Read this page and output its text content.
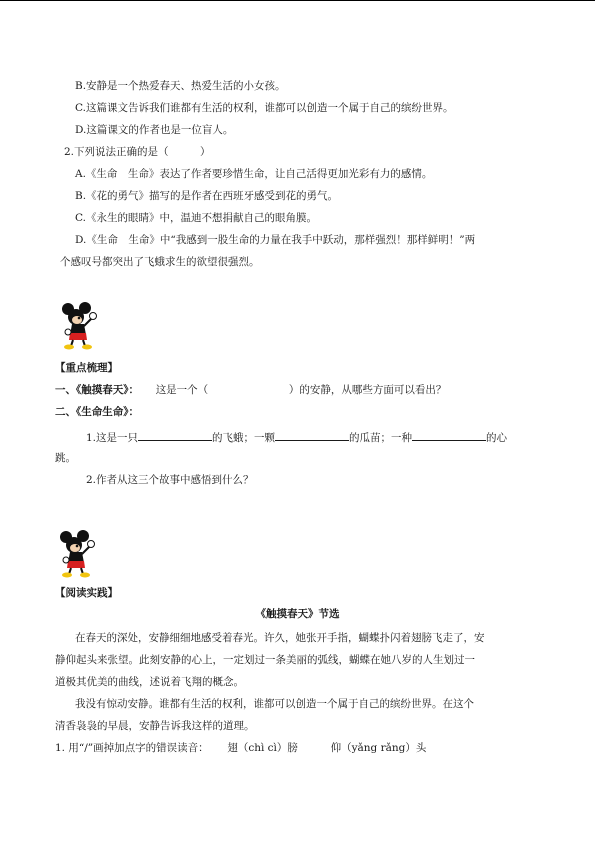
B.安静是一个热爱春天、热爱生活的小女孩。
C.这篇课文告诉我们谁都有生活的权利，谁都可以创造一个属于自己的缤纷世界。
D.这篇课文的作者也是一位盲人。
2.下列说法正确的是（　　　）
A.《生命　生命》表达了作者要珍惜生命，让自己活得更加光彩有力的感情。
B.《花的勇气》描写的是作者在西班牙感受到花的勇气。
C.《永生的眼睛》中，温迪不想捐献自己的眼角膜。
D.《生命　生命》中“我感到一股生命的力量在我手中跃动，那样强烈！那样鲜明！”两
个感叹号都突出了飞蛾求生的欲望很强烈。
【重点梳理】
一、《触摸春天》： 这是一个（	）的安静，从哪些方面可以看出？
二、《生命生命》：
1.这是一只	的飞蛾；一颗	的瓜苗；一种	的心
跳。
2.作者从这三个故事中感悟到什么？
【阅读实践】
《触摸春天》节选
在春天的深处，安静细细地感受着春光。许久，她张开手指，蝴蝶扑闪着翅膀飞走了，安
静仰起头来张望。此刻安静的心上，一定划过一条美丽的弧线，蝴蝶在她八岁的人生划过一
道极其优美的曲线，述说着飞翔的概念。
我没有惊动安静。谁都有生活的权利，谁都可以创造一个属于自己的缤纷世界。在这个
清香袅袅的早晨，安静告诉我这样的道理。
1. 用“/”画掉加点字的错误读音： 翅（chì cì）膀	仰（yǎng rǎng）头
